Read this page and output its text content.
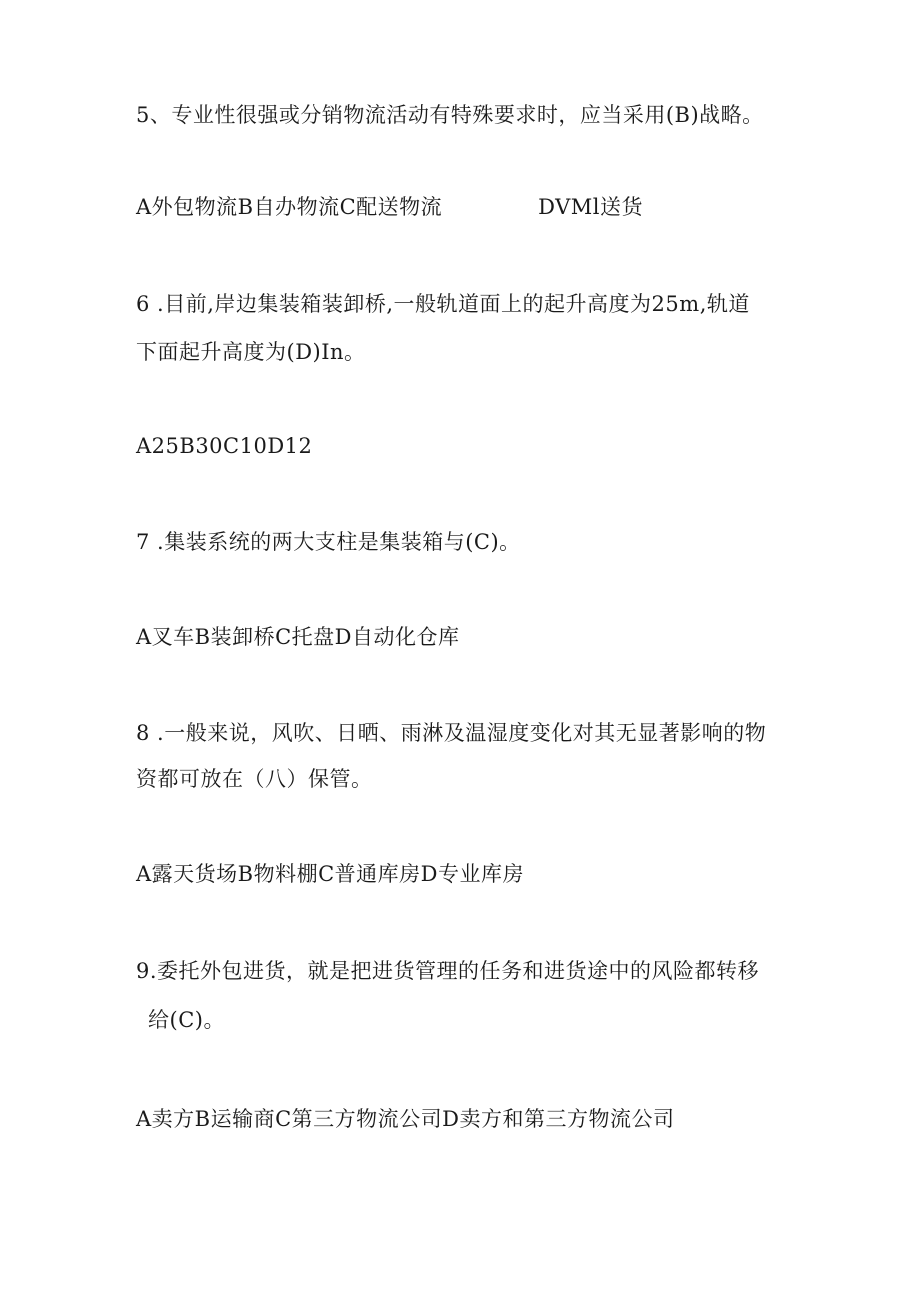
5、专业性很强或分销物流活动有特殊要求时，应当采用(B)战略。
A外包物流B自办物流C配送物流	DVMl送货
6 .目前,岸边集装箱装卸桥,一般轨道面上的起升高度为25m,轨道
下面起升高度为(D)In。
A25B30C10D12
7 .集装系统的两大支柱是集装箱与(C)。
A叉车B装卸桥C托盘D自动化仓库
8 .一般来说，风吹、日晒、雨淋及温湿度变化对其无显著影响的物
资都可放在（八）保管。
A露天货场B物料棚C普通库房D专业库房
9.委托外包进货，就是把进货管理的任务和进货途中的风险都转移
给(C)。
A卖方B运输商C第三方物流公司D卖方和第三方物流公司
